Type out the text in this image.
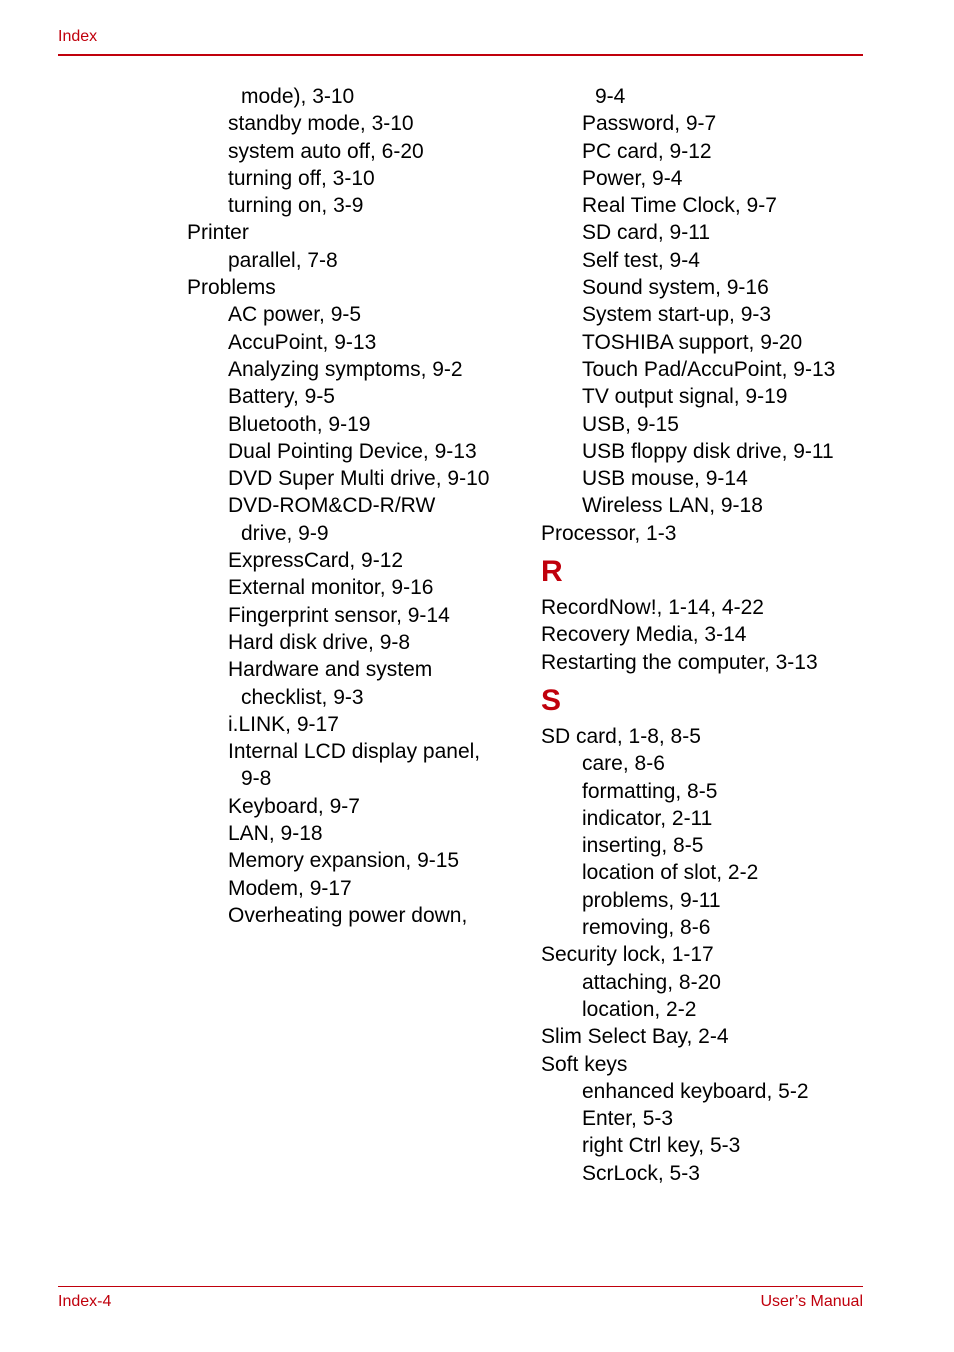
Index
mode), 3-10
standby mode, 3-10
system auto off, 6-20
turning off, 3-10
turning on, 3-9
Printer
parallel, 7-8
Problems
AC power, 9-5
AccuPoint, 9-13
Analyzing symptoms, 9-2
Battery, 9-5
Bluetooth, 9-19
Dual Pointing Device, 9-13
DVD Super Multi drive, 9-10
DVD-ROM&CD-R/RW
drive, 9-9
ExpressCard, 9-12
External monitor, 9-16
Fingerprint sensor, 9-14
Hard disk drive, 9-8
Hardware and system
checklist, 9-3
i.LINK, 9-17
Internal LCD display panel,
9-8
Keyboard, 9-7
LAN, 9-18
Memory expansion, 9-15
Modem, 9-17
Overheating power down,
9-4
Password, 9-7
PC card, 9-12
Power, 9-4
Real Time Clock, 9-7
SD card, 9-11
Self test, 9-4
Sound system, 9-16
System start-up, 9-3
TOSHIBA support, 9-20
Touch Pad/AccuPoint, 9-13
TV output signal, 9-19
USB, 9-15
USB floppy disk drive, 9-11
USB mouse, 9-14
Wireless LAN, 9-18
Processor, 1-3
R
RecordNow!, 1-14, 4-22
Recovery Media, 3-14
Restarting the computer, 3-13
S
SD card, 1-8, 8-5
care, 8-6
formatting, 8-5
indicator, 2-11
inserting, 8-5
location of slot, 2-2
problems, 9-11
removing, 8-6
Security lock, 1-17
attaching, 8-20
location, 2-2
Slim Select Bay, 2-4
Soft keys
enhanced keyboard, 5-2
Enter, 5-3
right Ctrl key, 5-3
ScrLock, 5-3
Index-4	User’s Manual
